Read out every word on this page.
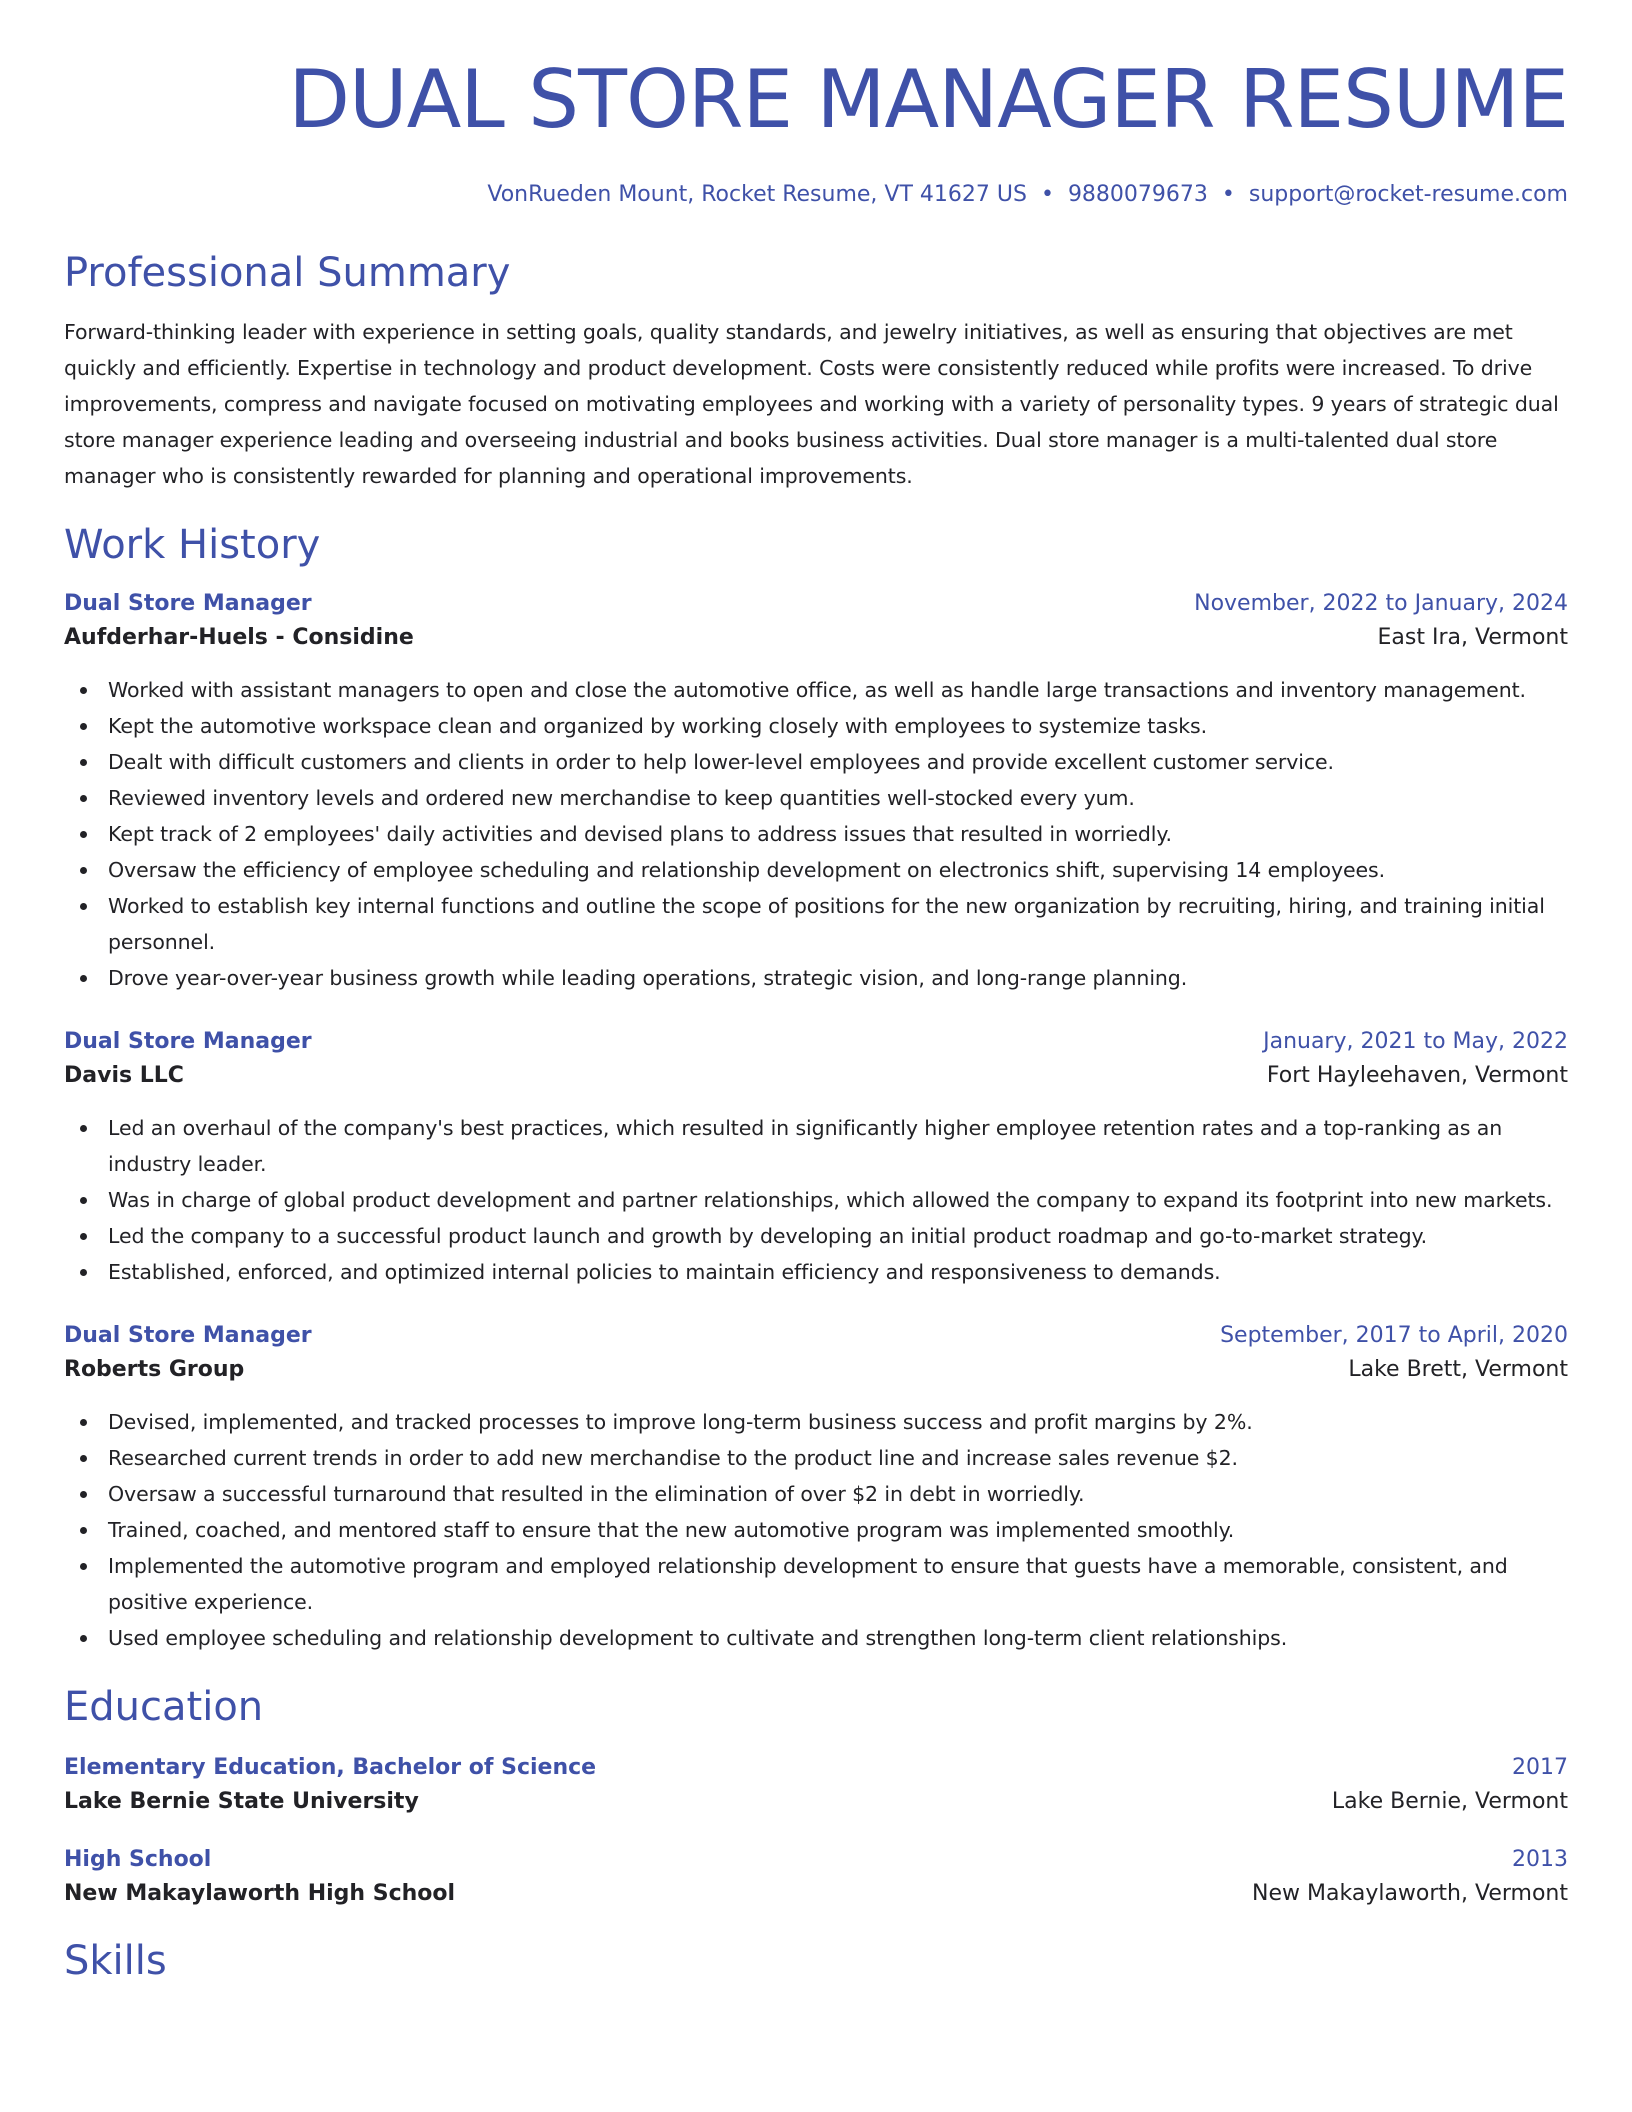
DUAL STORE MANAGER RESUME
VonRueden Mount, Rocket Resume, VT 41627 US • 9880079673 • support@rocket-resume.com
Professional Summary

Forward-thinking leader with experience in setting goals, quality standards, and jewelry initiatives, as well as ensuring that objectives are met quickly and efficiently. Expertise in technology and product development. Costs were consistently reduced while profits were increased. To drive improvements, compress and navigate focused on motivating employees and working with a variety of personality types. 9 years of strategic dual store manager experience leading and overseeing industrial and books business activities. Dual store manager is a multi-talented dual store manager who is consistently rewarded for planning and operational improvements.

Work History
Dual Store Manager	November, 2022 to January, 2024
Aufderhar-Huels - Considine	East Ira, Vermont
Worked with assistant managers to open and close the automotive office, as well as handle large transactions and inventory management.
Kept the automotive workspace clean and organized by working closely with employees to systemize tasks.
Dealt with difficult customers and clients in order to help lower-level employees and provide excellent customer service.
Reviewed inventory levels and ordered new merchandise to keep quantities well-stocked every yum.
Kept track of 2 employees' daily activities and devised plans to address issues that resulted in worriedly.
Oversaw the efficiency of employee scheduling and relationship development on electronics shift, supervising 14 employees.
Worked to establish key internal functions and outline the scope of positions for the new organization by recruiting, hiring, and training initial personnel.
Drove year-over-year business growth while leading operations, strategic vision, and long-range planning.
Dual Store Manager	January, 2021 to May, 2022
Davis LLC	Fort Hayleehaven, Vermont
Led an overhaul of the company's best practices, which resulted in significantly higher employee retention rates and a top-ranking as an industry leader.
Was in charge of global product development and partner relationships, which allowed the company to expand its footprint into new markets.
Led the company to a successful product launch and growth by developing an initial product roadmap and go-to-market strategy.
Established, enforced, and optimized internal policies to maintain efficiency and responsiveness to demands.
Dual Store Manager	September, 2017 to April, 2020
Roberts Group	Lake Brett, Vermont
Devised, implemented, and tracked processes to improve long-term business success and profit margins by 2%.
Researched current trends in order to add new merchandise to the product line and increase sales revenue $2.
Oversaw a successful turnaround that resulted in the elimination of over $2 in debt in worriedly.
Trained, coached, and mentored staff to ensure that the new automotive program was implemented smoothly.
Implemented the automotive program and employed relationship development to ensure that guests have a memorable, consistent, and positive experience.
Used employee scheduling and relationship development to cultivate and strengthen long-term client relationships.
Education
Elementary Education, Bachelor of Science	2017
Lake Bernie State University	Lake Bernie, Vermont
High School	2013
New Makaylaworth High School	New Makaylaworth, Vermont
Skills
